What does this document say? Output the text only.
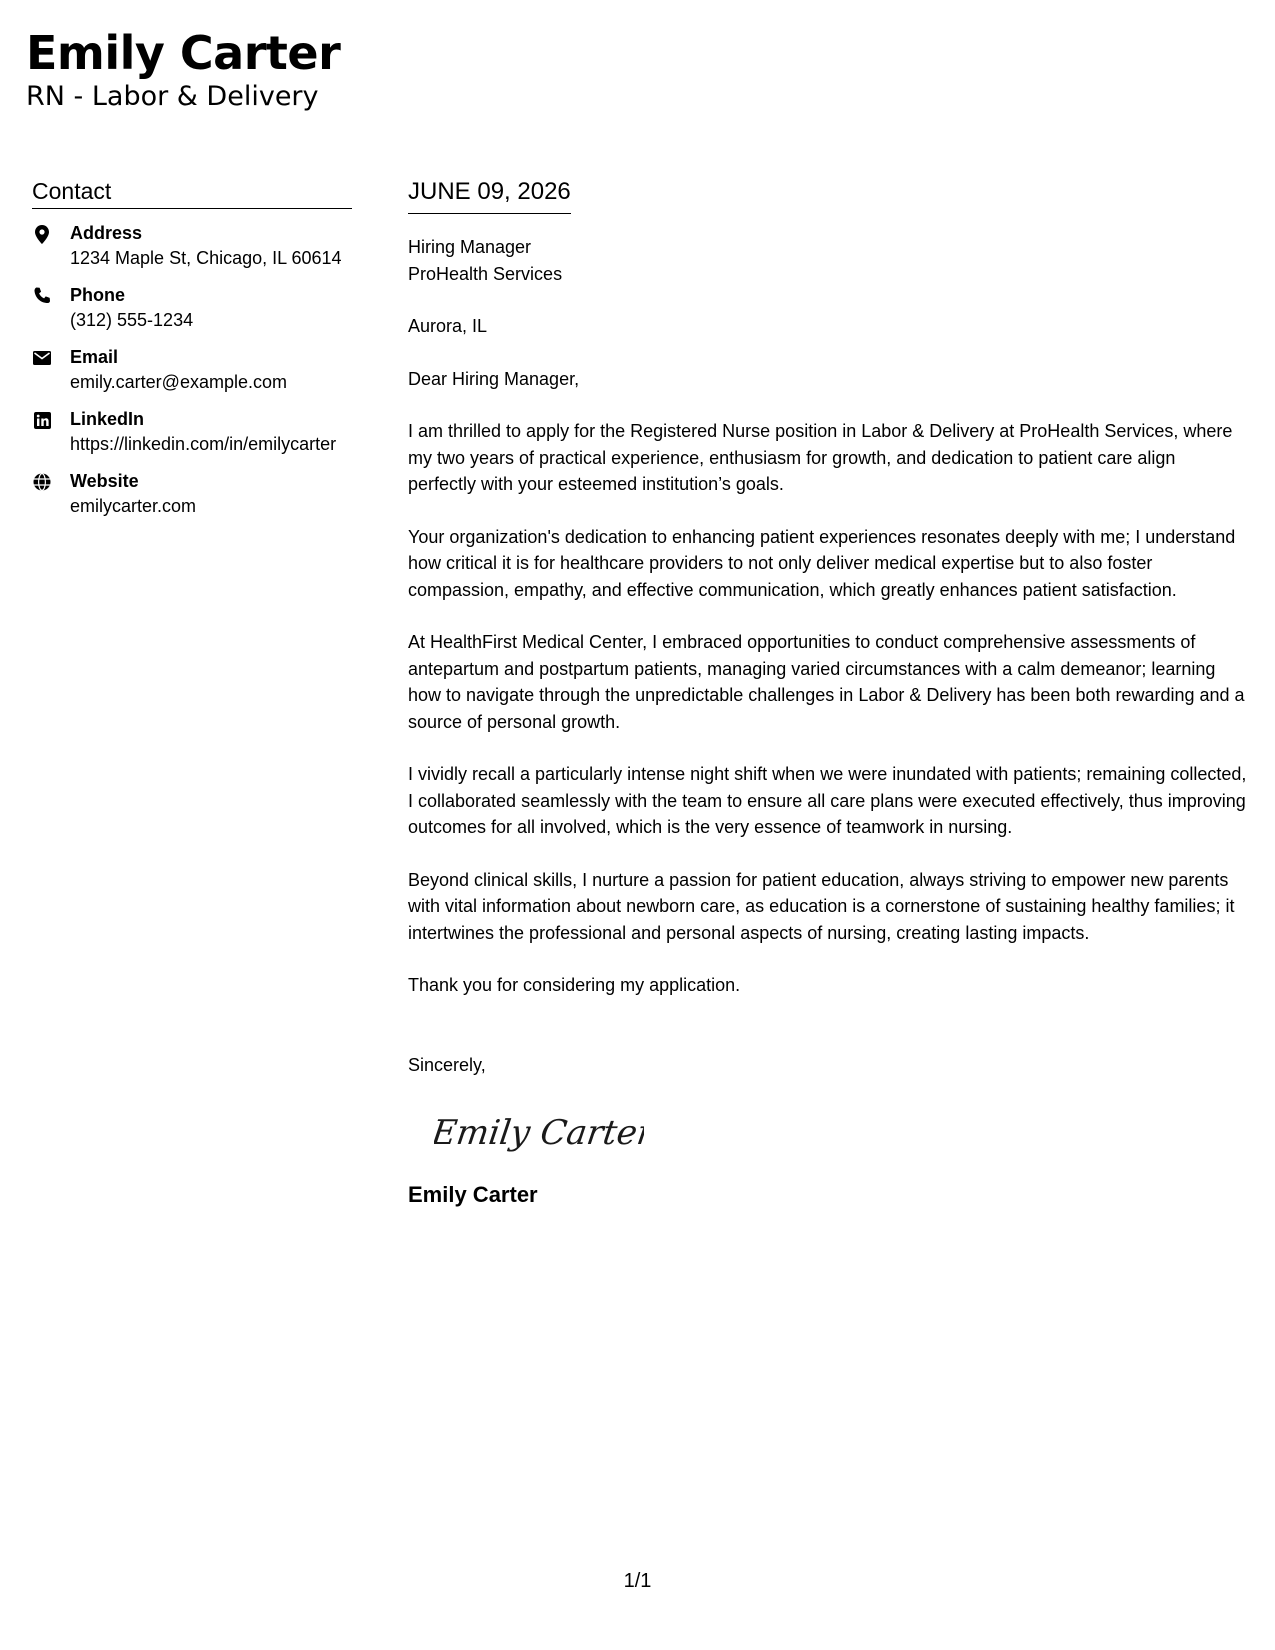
Emily Carter
RN - Labor & Delivery
Contact
Address
1234 Maple St, Chicago, IL 60614
Phone
(312) 555-1234
Email
emily.carter@example.com
LinkedIn
https://linkedin.com/in/emilycarter
Website
emilycarter.com
JUNE 09, 2026
Hiring Manager
ProHealth Services
Aurora, IL
Dear Hiring Manager,
I am thrilled to apply for the Registered Nurse position in Labor & Delivery at ProHealth Services, where my two years of practical experience, enthusiasm for growth, and dedication to patient care align perfectly with your esteemed institution’s goals.
Your organization's dedication to enhancing patient experiences resonates deeply with me; I understand how critical it is for healthcare providers to not only deliver medical expertise but to also foster compassion, empathy, and effective communication, which greatly enhances patient satisfaction.
At HealthFirst Medical Center, I embraced opportunities to conduct comprehensive assessments of antepartum and postpartum patients, managing varied circumstances with a calm demeanor; learning how to navigate through the unpredictable challenges in Labor & Delivery has been both rewarding and a source of personal growth.
I vividly recall a particularly intense night shift when we were inundated with patients; remaining collected, I collaborated seamlessly with the team to ensure all care plans were executed effectively, thus improving outcomes for all involved, which is the very essence of teamwork in nursing.
Beyond clinical skills, I nurture a passion for patient education, always striving to empower new parents with vital information about newborn care, as education is a cornerstone of sustaining healthy families; it intertwines the professional and personal aspects of nursing, creating lasting impacts.
Thank you for considering my application.
Sincerely,
Emily Carter
Emily Carter
1/1
